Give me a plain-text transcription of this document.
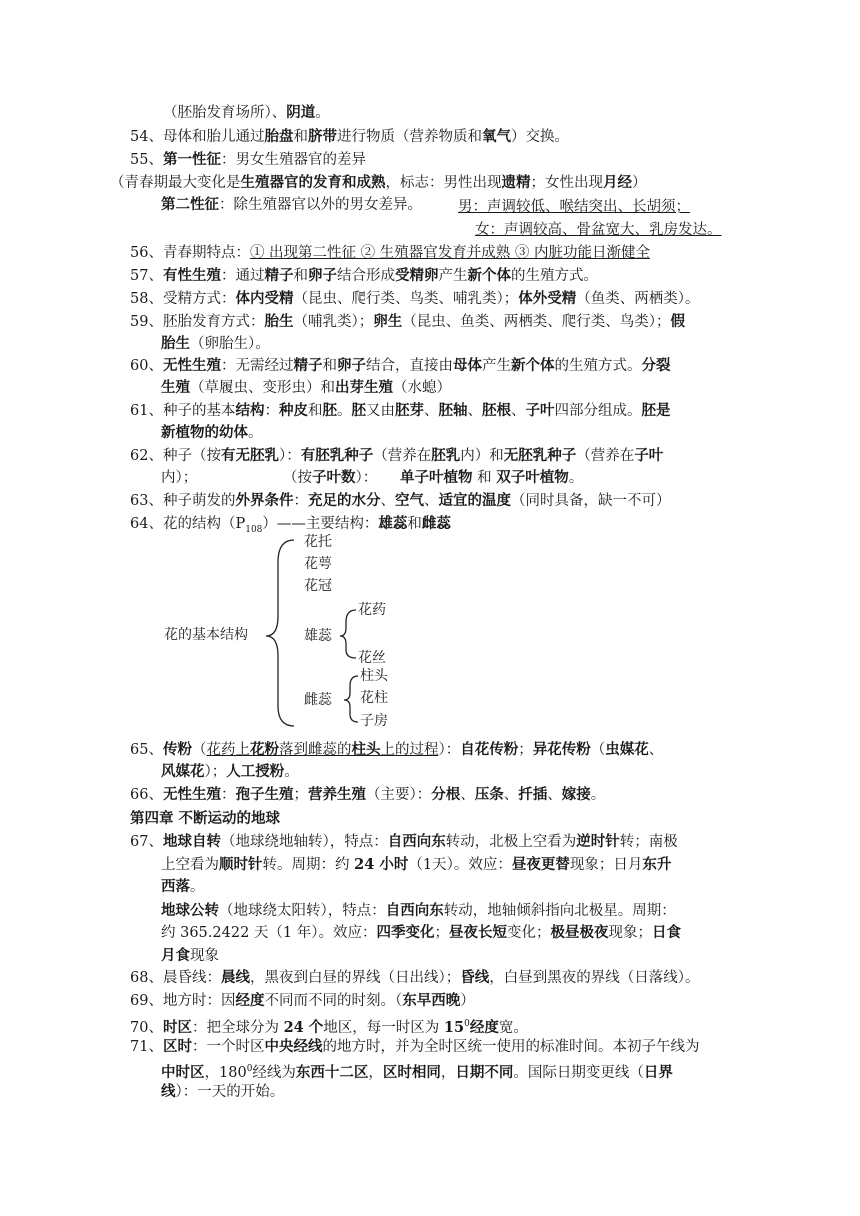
（胚胎发育场所）、阴道。
54、母体和胎儿通过胎盘和脐带进行物质（营养物质和氧气）交换。
55、第一性征：男女生殖器官的差异
（青春期最大变化是生殖器官的发育和成熟，标志：男性出现遗精；女性出现月经）
第二性征：除生殖器官以外的男女差异。 男：声调较低、喉结突出、长胡须；
女：声调较高、骨盆宽大、乳房发达。
56、青春期特点：① 出现第二性征 ② 生殖器官发育并成熟 ③ 内脏功能日渐健全
57、有性生殖：通过精子和卵子结合形成受精卵产生新个体的生殖方式。
58、受精方式：体内受精（昆虫、爬行类、鸟类、哺乳类）；体外受精（鱼类、两栖类）。
59、胚胎发育方式：胎生（哺乳类）；卵生（昆虫、鱼类、两栖类、爬行类、鸟类）；假
胎生（卵胎生）。
60、无性生殖：无需经过精子和卵子结合，直接由母体产生新个体的生殖方式。分裂
生殖（草履虫、变形虫）和出芽生殖（水螅）
61、种子的基本结构：种皮和胚。胚又由胚芽、胚轴、胚根、子叶四部分组成。胚是
新植物的幼体。
62、种子（按有无胚乳）：有胚乳种子（营养在胚乳内）和无胚乳种子（营养在子叶
内）；	（按子叶数）： 单子叶植物 和 双子叶植物。
63、种子萌发的外界条件：充足的水分、空气、适宜的温度（同时具备，缺一不可）
64、花的结构$(P_{108})——$主要结构：雄蕊和雌蕊
65、传粉（花药上花粉落到雌蕊的柱头上的过程）：自花传粉；异花传粉（虫媒花、
风媒花）；人工授粉。
66、无性生殖：孢子生殖；营养生殖（主要）：分根、压条、扦插、嫁接。
第四章 不断运动的地球
67、地球自转（地球绕地轴转），特点：自西向东转动，北极上空看为逆时针转；南极
上空看为顺时针转。周期：约 24 小时（1天）。效应：昼夜更替现象；日月东升
西落。
地球公转（地球绕太阳转），特点：自西向东转动，地轴倾斜指向北极星。周期：
约 365.2422 天（1 年）。效应：四季变化；昼夜长短变化；极昼极夜现象；日食
月食现象
68、晨昏线：晨线，黑夜到白昼的界线（日出线）；昏线，白昼到黑夜的界线（日落线）。
69、地方时：因经度不同而不同的时刻。（东早西晚）
70、时区：把全球分为 24 个地区，每一时区为 $15^0$经度宽。
71、区时：一个时区中央经线的地方时，并为全时区统一使用的标准时间。本初子午线为
中时区，$180^0$经线为东西十二区，区时相同，日期不同。国际日期变更线（日界
线）：一天的开始。
花的基本结构
花托
花萼
花冠
雄蕊
花药
花丝
雌蕊
柱头
花柱
子房
